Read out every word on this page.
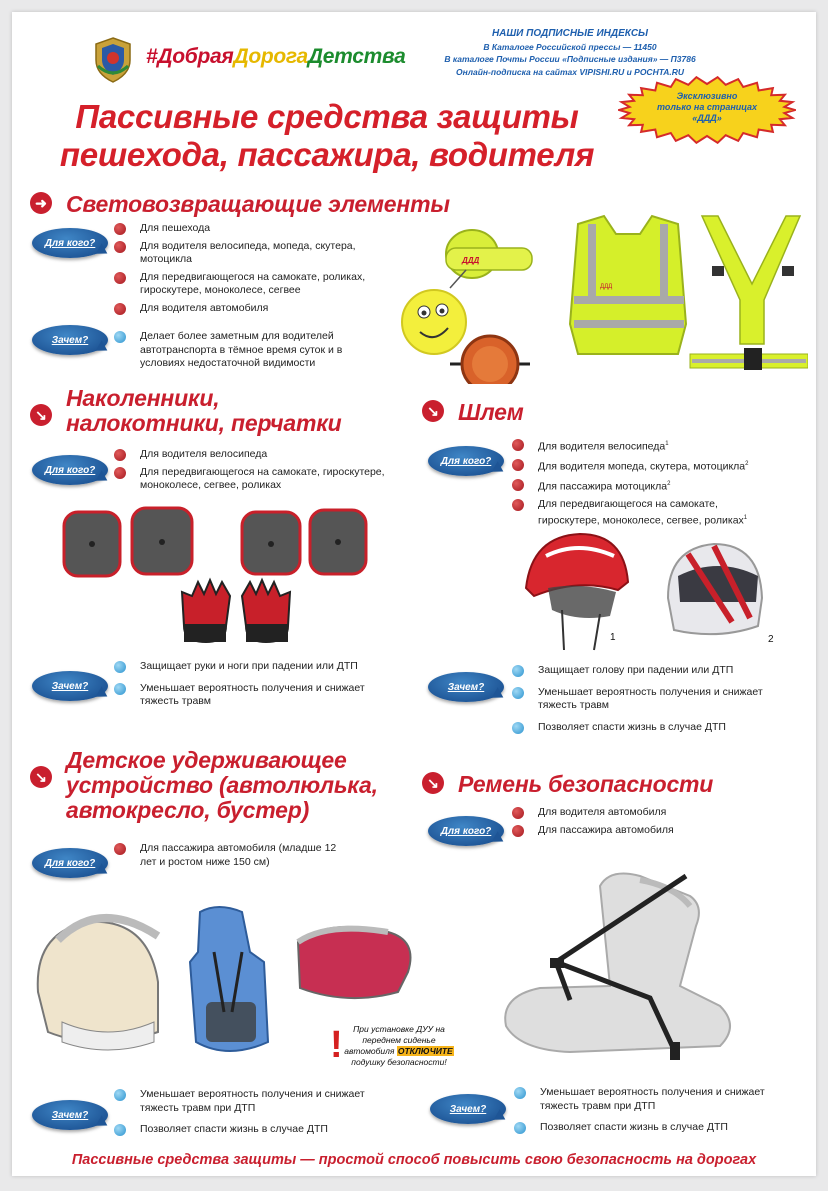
#ДобраяДорогаДетства
НАШИ ПОДПИСНЫЕ ИНДЕКСЫ
В Каталоге Российской прессы — 11450
В каталоге Почты России «Подписные издания» — П3786
Онлайн-подписка на сайтах VIPISHI.RU и POCHTA.RU
Эксклюзивно
только на страницах
«ДДД»
Пассивные средства защиты
пешехода, пассажира, водителя
➜ Световозвращающие элементы
Для кого?
Для пешехода
Для водителя велосипеда, мопеда, скутера, мотоцикла
Для передвигающегося на самокате, роликах, гироскутере, моноколесе, сегвее
Для водителя автомобиля
Зачем?	Делает более заметным для водителей автотранспорта в тёмное время суток и в условиях недостаточной видимости
ДДД
ДДД
↘
Наколенники,
налокотники, перчатки
Для кого?
Для водителя велосипеда
Для передвигающегося на самокате, гироскутере, моноколесе, сегвее, роликах
Зачем?
Защищает руки и ноги при падении или ДТП
Уменьшает вероятность получения и снижает тяжесть травм
↘ Шлем
Для кого?
Для водителя велосипеда$^1$
Для водителя мопеда, скутера, мотоцикла$^2$
Для пассажира мотоцикла$^2$
Для передвигающегося на самокате, гироскутере, моноколесе, сегвее, роликах$^1$
1	2
Зачем?
Защищает голову при падении или ДТП
Уменьшает вероятность получения и снижает тяжесть травм
Позволяет спасти жизнь в случае ДТП
↘
Детское удерживающее
устройство (автолюлька,
автокресло, бустер)
Для кого?
Для пассажира автомобиля (младше 12 лет и ростом ниже 150 см)
!	При установке ДУУ на переднем сиденье автомобиля ОТКЛЮЧИТЕ подушку безопасности!
Зачем?
Уменьшает вероятность получения и снижает тяжесть травм при ДТП
Позволяет спасти жизнь в случае ДТП
↘ Ремень безопасности
Для кого?
Для водителя автомобиля
Для пассажира автомобиля
Зачем?
Уменьшает вероятность получения и снижает тяжесть травм при ДТП
Позволяет спасти жизнь в случае ДТП
Пассивные средства защиты — простой способ повысить свою безопасность на дорогах
